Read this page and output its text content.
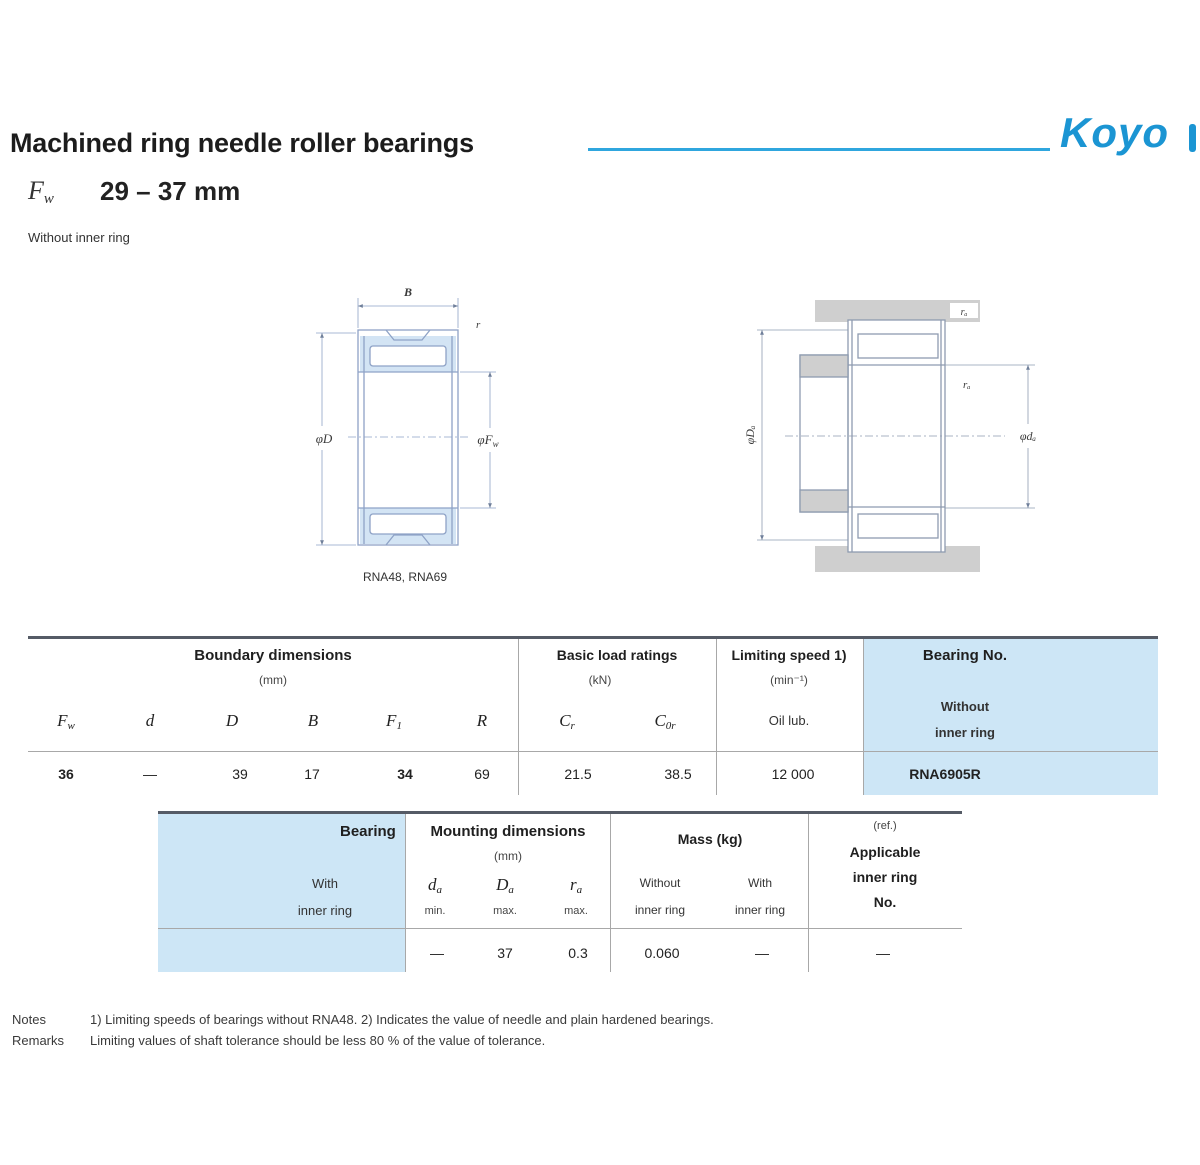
Machined ring needle roller bearings	Koyo
$F_w$ 29 – 37 mm
Without inner ring
B
r
φD	$\varphi F_w$
RNA48, RNA69
rₐ
rₐ
φDₐ	φdₐ
Boundary dimensions
(mm)
Basic load ratings
(kN)
Limiting speed 1)
(min⁻¹)
Bearing No.
$F_w$	d	D	B	$F_1$	R	$C_r$	$C_{0r}$	Oil lub.
Without
inner ring
36	—	39	17	34	69	21.5	38.5	12 000	RNA6905R
Bearing
With
inner ring
Mounting dimensions
(mm)
$d_a$	$D_a$	$r_a$
min.	max.	max.
Mass (kg)
Without
inner ring
With
inner ring
(ref.)
Applicable
inner ring
No.
—	37	0.3	0.060	—	—
Notes	1) Limiting speeds of bearings without RNA48. 2) Indicates the value of needle and plain hardened bearings.
Remarks Limiting values of shaft tolerance should be less 80 % of the value of tolerance.
